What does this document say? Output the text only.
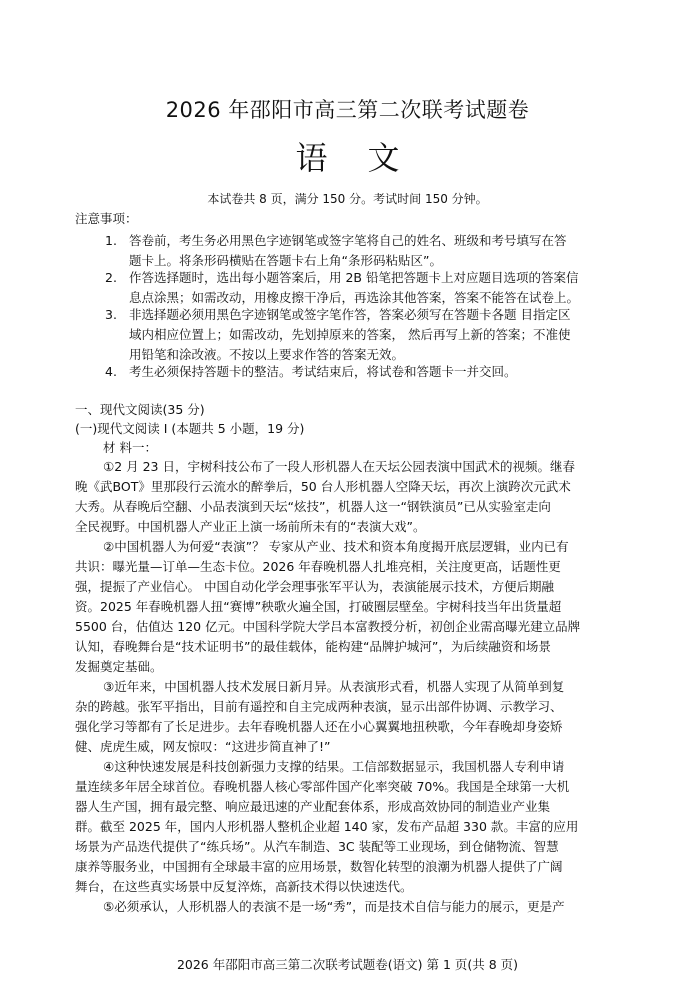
2026 年邵阳市高三第二次联考试题卷
语文
本试卷共 8 页，满分 150 分。考试时间 150 分钟。
注意事项：
1. 答卷前，考生务必用黑色字迹钢笔或签字笔将自己的姓名、班级和考号填写在答
题卡上。将条形码横贴在答题卡右上角“条形码粘贴区”。
2. 作答选择题时，选出每小题答案后，用 2B 铅笔把答题卡上对应题目选项的答案信
息点涂黑；如需改动，用橡皮擦干净后，再选涂其他答案，答案不能答在试卷上。
3. 非选择题必须用黑色字迹钢笔或签字笔作答，答案必须写在答题卡各题 目指定区
域内相应位置上；如需改动，先划掉原来的答案， 然后再写上新的答案；不准使
用铅笔和涂改液。不按以上要求作答的答案无效。
4. 考生必须保持答题卡的整洁。考试结束后，将试卷和答题卡一并交回。
一、现代文阅读(35 分)
(一)现代文阅读 Ⅰ (本题共 5 小题，19 分)
材 料一：
①2 月 23 日，宇树科技公布了一段人形机器人在天坛公园表演中国武术的视频。继春
晚《武BOT》里那段行云流水的醉拳后，50 台人形机器人空降天坛，再次上演跨次元武术
大秀。从春晚后空翻、小品表演到天坛“炫技”，机器人这一“钢铁演员”已从实验室走向
全民视野。中国机器人产业正上演一场前所未有的“表演大戏”。
②中国机器人为何爱“表演”？ 专家从产业、技术和资本角度揭开底层逻辑，业内已有
共识：曝光量—订单—生态卡位。2026 年春晚机器人扎堆亮相，关注度更高，话题性更
强，提振了产业信心。 中国自动化学会理事张军平认为，表演能展示技术，方便后期融
资。2025 年春晚机器人扭“赛博”秧歌火遍全国，打破圈层壁垒。宇树科技当年出货量超
5500 台，估值达 120 亿元。中国科学院大学吕本富教授分析，初创企业需高曝光建立品牌
认知，春晚舞台是“技术证明书”的最佳载体，能构建“品牌护城河”，为后续融资和场景
发掘奠定基础。
③近年来，中国机器人技术发展日新月异。从表演形式看，机器人实现了从简单到复
杂的跨越。张军平指出，目前有遥控和自主完成两种表演，显示出部件协调、示教学习、
强化学习等都有了长足进步。去年春晚机器人还在小心翼翼地扭秧歌，今年春晚却身姿矫
健、虎虎生威，网友惊叹：“这进步简直神了!”
④这种快速发展是科技创新强力支撑的结果。工信部数据显示，我国机器人专利申请
量连续多年居全球首位。春晚机器人核心零部件国产化率突破 70%。我国是全球第一大机
器人生产国，拥有最完整、响应最迅速的产业配套体系，形成高效协同的制造业产业集
群。截至 2025 年，国内人形机器人整机企业超 140 家，发布产品超 330 款。丰富的应用
场景为产品迭代提供了“练兵场”。从汽车制造、3C 装配等工业现场，到仓储物流、智慧
康养等服务业，中国拥有全球最丰富的应用场景，数智化转型的浪潮为机器人提供了广阔
舞台，在这些真实场景中反复淬炼，高新技术得以快速迭代。
⑤必须承认，人形机器人的表演不是一场“秀”，而是技术自信与能力的展示，更是产
2026 年邵阳市高三第二次联考试题卷(语文) 第 1 页(共 8 页)
